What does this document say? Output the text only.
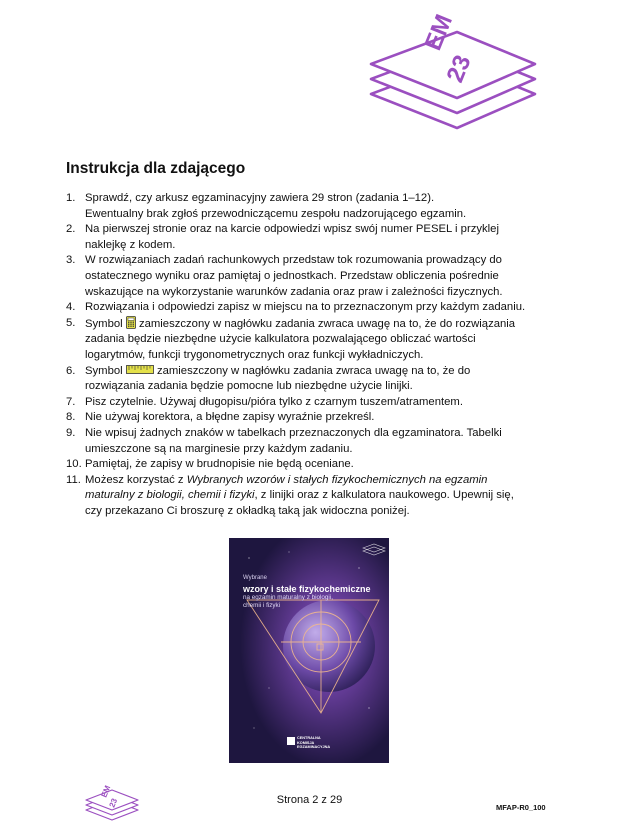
EM
23
Instrukcja dla zdającego
1. Sprawdź, czy arkusz egzaminacyjny zawiera 29 stron (zadania 1–12).
Ewentualny brak zgłoś przewodniczącemu zespołu nadzorującego egzamin.
2. Na pierwszej stronie oraz na karcie odpowiedzi wpisz swój numer PESEL i przyklej
naklejkę z kodem.
3. W rozwiązaniach zadań rachunkowych przedstaw tok rozumowania prowadzący do
ostatecznego wyniku oraz pamiętaj o jednostkach. Przedstaw obliczenia pośrednie
wskazujące na wykorzystanie warunków zadania oraz praw i zależności fizycznych.
4. Rozwiązania i odpowiedzi zapisz w miejscu na to przeznaczonym przy każdym zadaniu.
5. Symbol zamieszczony w nagłówku zadania zwraca uwagę na to, że do rozwiązania
zadania będzie niezbędne użycie kalkulatora pozwalającego obliczać wartości
logarytmów, funkcji trygonometrycznych oraz funkcji wykładniczych.
6. Symbol	zamieszczony w nagłówku zadania zwraca uwagę na to, że do
rozwiązania zadania będzie pomocne lub niezbędne użycie linijki.
7. Pisz czytelnie. Używaj długopisu/pióra tylko z czarnym tuszem/atramentem.
8. Nie używaj korektora, a błędne zapisy wyraźnie przekreśl.
9. Nie wpisuj żadnych znaków w tabelkach przeznaczonych dla egzaminatora. Tabelki
umieszczone są na marginesie przy każdym zadaniu.
10. Pamiętaj, że zapisy w brudnopisie nie będą oceniane.
11. Możesz korzystać z Wybranych wzorów i stałych fizykochemicznych na egzamin
maturalny z biologii, chemii i fizyki, z linijki oraz z kalkulatora naukowego. Upewnij się,
czy przekazano Ci broszurę z okładką taką jak widoczna poniżej.
Wybrane
wzory i stałe fizykochemiczne
na egzamin maturalny z biologii,
chemii i fizyki
CENTRALNA
KOMISJA
EGZAMINACYJNA
EM
23	Strona 2 z 29
MFAP-R0_100
